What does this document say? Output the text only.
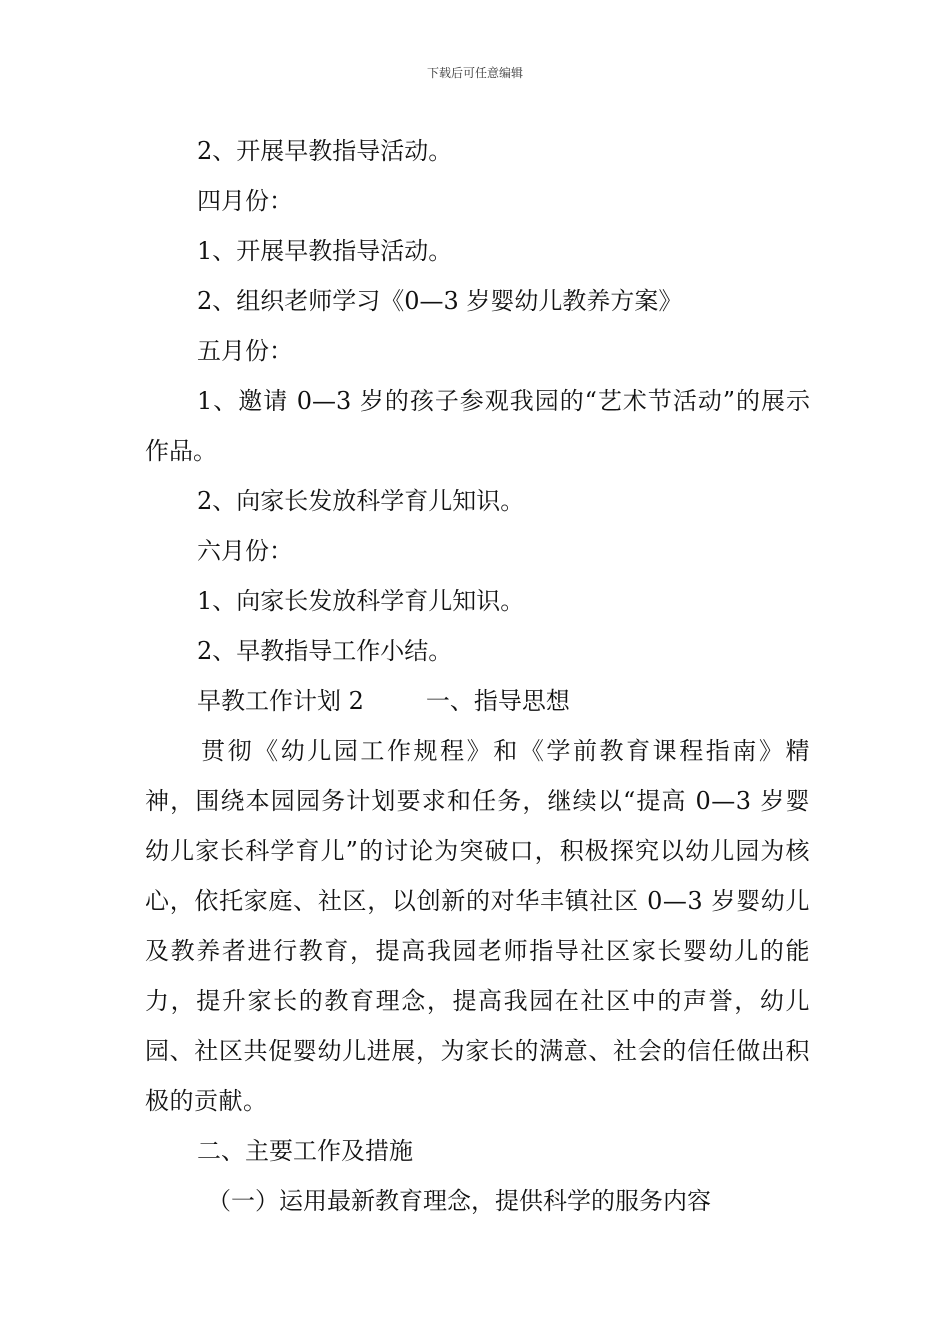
下载后可任意编辑

2、开展早教指导活动。

四月份：

1、开展早教指导活动。

2、组织老师学习《0—3 岁婴幼儿教养方案》

五月份：

1、邀请 0—3 岁的孩子参观我园的“艺术节活动”的展示作品。

2、向家长发放科学育儿知识。

六月份：

1、向家长发放科学育儿知识。

2、早教指导工作小结。

早教工作计划 2	一、指导思想

贯彻《幼儿园工作规程》和《学前教育课程指南》精神，围绕本园园务计划要求和任务，继续以“提高 0—3 岁婴幼儿家长科学育儿”的讨论为突破口，积极探究以幼儿园为核心，依托家庭、社区，以创新的对华丰镇社区 0—3 岁婴幼儿及教养者进行教育，提高我园老师指导社区家长婴幼儿的能力，提升家长的教育理念，提高我园在社区中的声誉，幼儿园、社区共促婴幼儿进展，为家长的满意、社会的信任做出积极的贡献。

二、主要工作及措施

（一）运用最新教育理念，提供科学的服务内容
